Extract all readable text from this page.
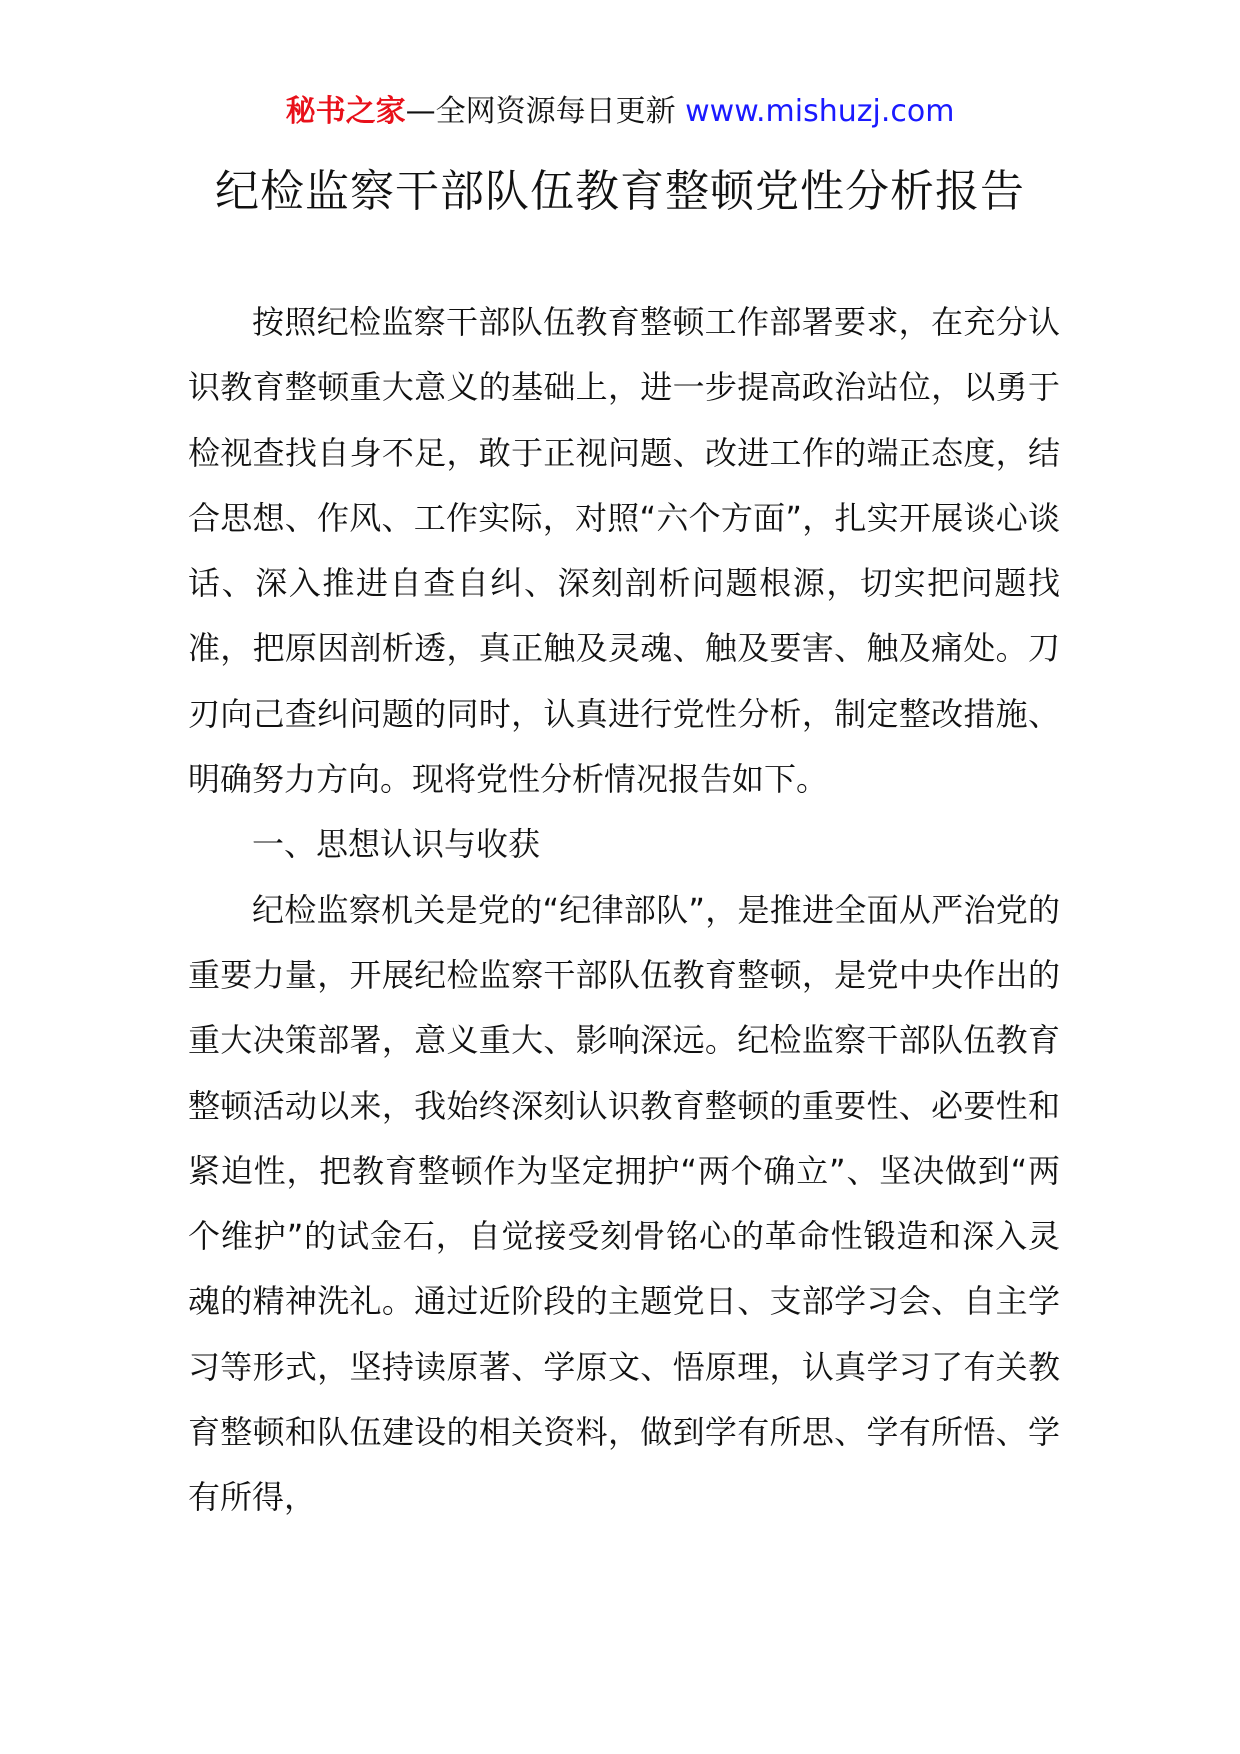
秘书之家—全网资源每日更新 www.mishuzj.com
纪检监察干部队伍教育整顿党性分析报告

按照纪检监察干部队伍教育整顿工作部署要求，在充分认识教育整顿重大意义的基础上，进一步提高政治站位，以勇于检视查找自身不足，敢于正视问题、改进工作的端正态度，结合思想、作风、工作实际，对照“六个方面”，扎实开展谈心谈话、深入推进自查自纠、深刻剖析问题根源，切实把问题找准，把原因剖析透，真正触及灵魂、触及要害、触及痛处。刀刃向己查纠问题的同时，认真进行党性分析，制定整改措施、明确努力方向。现将党性分析情况报告如下。

一、思想认识与收获

纪检监察机关是党的“纪律部队”，是推进全面从严治党的重要力量，开展纪检监察干部队伍教育整顿，是党中央作出的重大决策部署，意义重大、影响深远。纪检监察干部队伍教育整顿活动以来，我始终深刻认识教育整顿的重要性、必要性和紧迫性，把教育整顿作为坚定拥护“两个确立”、坚决做到“两个维护”的试金石，自觉接受刻骨铭心的革命性锻造和深入灵魂的精神洗礼。通过近阶段的主题党日、支部学习会、自主学习等形式，坚持读原著、学原文、悟原理，认真学习了有关教育整顿和队伍建设的相关资料，做到学有所思、学有所悟、学有所得，
